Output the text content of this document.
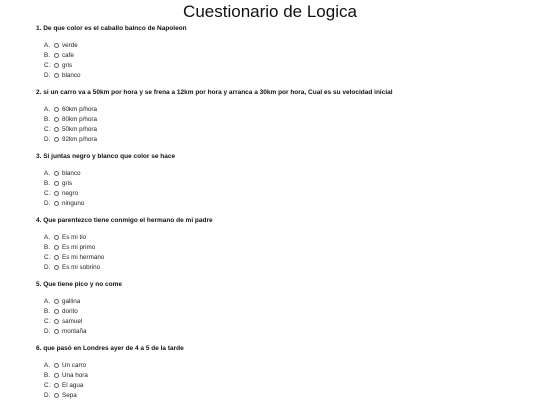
Cuestionario de Logica
1. De que color es el caballo balnco de Napoleon
A.	verde
B.	cafe
C.	gris
D.	blanco
2. si un carro va a 50km por hora y se frena a 12km por hora y arranca a 30km por hora, Cual es su velocidad inicial
A.	60km p/hora
B.	80km p/hora
C.	50km p/hora
D.	92km p/hora
3. Si juntas negro y blanco que color se hace
A.	blanco
B.	gris
C.	negro
D.	ninguno
4. Que parentezco tiene conmigo el hermano de mi padre
A.	Es mi tio
B.	Es mi primo
C.	Es mi hermano
D.	Es mi sobrino
5. Que tiene pico y no come
A.	gallina
B.	dorito
C.	samuel
D.	montaña
6. que pasó en Londres ayer de 4 a 5 de la tarde
A.	Un carro
B.	Una hora
C.	El agua
D.	Sepa
